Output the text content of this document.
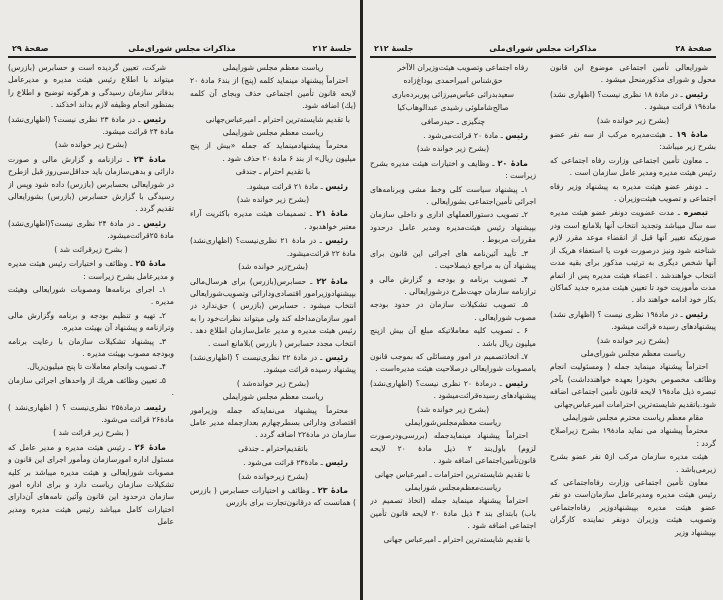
صفحهٔ ۲۸
مذاکرات مجلس شورای‌ملی
جلسهٔ ۲۱۲

شورایعالی تأمین اجتماعی موضوع این قانون محول و شورای مذکورمنحل میشود .

رئیس ـ در مادهٔ ۱۸ نظری نیست؟ (اظهاری نشد) مادهٔ۱۹ قرائت میشود .

(بشرح زیر خوانده شد)

مادهٔ ۱۹ ـ هیئت‌مدیره مرکب از سه نفر عضو بشرح زیر میباشد:

ـ معاون تأمین اجتماعی وزارت رفاه اجتماعی که رئیس هیئت مدیره ومدیر عامل سازمان است .

ـ دونفر عضو هیئت مدیره به پیشنهاد وزیر رفاه اجتماعی و تصویب هیئت‌وزیران .

تبصره ـ مدت عضویت دونفر عضو هیئت مدیره سه سال میباشد وتجدید انتخاب آنها بلامانع است ودر صورتیکه تغییر آنها قبل از انقضاء موعد مقرر لازم شناخته شود ونیز درصورت فوت یا استعفاء هریک از آنها شخص دیگری به ترتیب مذکور برای بقیه مدت انتخاب خواهندشد . اعضاء هیئت مدیره پس از اتمام مدت مأموریت خود تا تعیین هیئت مدیره جدید کماکان بکار خود ادامه خواهند داد .

رئیس ـ در مادهٔ۱۹ نظری نیست ؟ (اظهاری نشد) پیشنهادهای رسیده قرائت میشود.

(بشرح زیر خوانده شد)

ریاست معظم مجلس شورای‌ملی

احتراماً پیشنهاد مینماید جمله ( ومسئولیت انجام وظائف مخصوص بخودرا بعهده خواهندداشت) بآخر تبصره ذیل مادهٔ۱۹ لایحه قانون تأمین اجتماعی اضافه شود.باتقدیم شایسته‌ترین احترامات امیرعباس‌جهانی

مقام معظم ریاست محترم مجلس شورایملی

محترماً پیشنهاد می نماید مادهٔ۱۹ بشرح زیراصلاح گردد :

هیئت مدیره سازمان مرکب از۵ نفر عضو بشرح زیرمی‌باشد .

معاون تأمین اجتماعی وزارت رفاه‌اجتماعی که رئیس هیئت مدیره ومدیرعامل سازمان‌است دو نفر عضو هیئت مدیره بپیشنهادوزیر رفاه‌اجتماعی وتصویب هیئت وزیران دونفر نماینده کارگران بپیشنهاد وزیر

رفاه اجتماعی وتصویب هیئت‌وزیران الاآخر

حق‌شناس امیراحمدی بوداغ‌زاده

سعیدبدرائی عباس‌میرزائی پوربرده‌باری

صالح‌شاملوئی رشیدی عبدالوهاب‌کیا

چنگیزی ـ حیدرصافی

رئیس ـ مادهٔ ۲۰ قرائت‌می‌شود .

(بشرح زیر خوانده شد)

مادهٔ ۲۰ ـ وظایف و اختیارات هیئت مدیره بشرح زیراست :

۱ـ پیشنهاد سیاست کلی وخط مشی وبرنامه‌های اجرائی تأمین‌اجتماعی بشورایعالی .

۲ـ تصویب دستورالعملهای اداری و داخلی سازمان بپیشنهاد رئیس هیئت‌مدیره ومدیر عامل درحدود مقررات مربوط .

۳ـ تأیید آئین‌نامه های اجرائی این قانون برای پیشنهاد آن به مراجع ذیصلاحیت .

۴ـ تصویب برنامه و بودجه و گزارش مالی و ترازنامه سازمان جهت‌طرح درشورایعالی .

۵ـ تصویب تشکیلات سازمان در حدود بودجه مصوب شورایعالی .

۶ ـ تصویب کلیه معاملاتیکه مبلغ آن بیش ازپنج میلیون ریال باشد .

۷ـ اتخاذتصمیم در امور ومسائلی که بموجب قانون یامصوبات شورایعالی درصلاحیت هیئت مدیره‌است .

رئیس ـ درمادهٔ ۲۰ نظری نیست؟ (اظهاری‌نشد) پیشنهادهای رسیده‌قرائت‌میشود .

(بشرح زیر خوانده شد)

ریاست معظم‌مجلس‌شورایملی

احتراماً پیشنهاد مینمایدجمله (بررسی‌ودرصورت لزوم) باول‌بند ۲ ذیل مادهٔ ۲۰ لایحه قانون‌تأمین‌اجتماعی اضافه شود .

با تقدیم شایسته‌ترین احترامات ـ امیرعباس جهانی

ریاست‌معظم‌مجلس شورایملی

احتراماً پیشنهاد مینماید جمله (اتخاذ تصمیم در باب) بابتدای بند ۴ ذیل مادهٔ ۲۰ لایحه قانون تأمین اجتماعی اضافه شود .

با تقدیم شایسته‌ترین احترام ـ امیرعباس جهانی

صفحهٔ ۲۹	مذاکرات مجلس شورای‌ملی	جلسهٔ ۲۱۲

ریاست معظم مجلس شورایملی

احتراماً پیشنهاد مینماید کلمه (پنج) از بند۶ مادهٔ ۲۰ لایحه قانون تأمین اجتماعی حذف وبجای آن کلمه (یك) اضافه شود.

با تقدیم شایسته‌ترین احترام ـ امیرعباس‌جهانی

ریاست معظم مجلس شورایملی

محترماً پیشنهادمینماید که جمله «بیش از پنج میلیون ریال» از بند ۶ مادهٔ ۲۰ حذف شود .

با تقدیم احترام ـ جندقی

رئیس ـ مادهٔ ۲۱ قرائت میشود.

(بشرح زیر خوانده شد)

مادهٔ ۲۱ ـ تصمیمات هیئت مدیره باکثریت آراء معتبر خواهدبود .

رئیس ـ در مادهٔ ۲۱ نظری‌نیست؟ (اظهاری‌نشد) مادهٔ ۲۲ قرائت‌میشود.

(بشرح‌زیر خوانده شد)

مادهٔ ۲۲ ـ حسابرس(بازرس) برای هرسال‌مالی بپیشنهادوزیرامور اقتصادی‌ودارائی وتصویب‌شورایعالی انتخاب میشود . حسابرس (بازرس ) حق‌ندارد در امور سازمان‌مداخله کند ولی میتواند نظرات‌خود را به رئیس هیئت مدیره و مدیر عامل‌سازمان اطلاع دهد . انتخاب مجدد حسابرس ( بازرس )بلامانع است .

رئیس ـ در مادهٔ ۲۲ نظری‌نیست ؟ (اظهاری‌نشد) پیشنهاد رسیده قرائت میشود.

(بشرح زیر خوانده‌شد )

ریاست معظم مجلس شورایملی

محترماً پیشنهاد می‌نمایدکه جمله وزیرامور اقتصادی ودارائی بسطرچهارم بعدازجمله مدیر عامل سازمان در مادهٔ۲۲ اضافه گردد .

باتقدیم‌احترام ـ جندقی

رئیس ـ مادهٔ۲۳ قرائت می‌شود .

(بشرح زیرخوانده شد)

مادهٔ ۲۳ ـ وظائف و اختیارات حسابرس ( بازرس ) همانست که درقانون‌تجارت برای بازرس

شرکت، تعیین گردیده است و حسابرس (بازرس) میتواند با اطلاع رئیس هیئت مدیره و مدیرعامل بدفاتر سازمان رسیدگی و هرگونه توضیح و اطلاع را بمنظور انجام وظیفه لازم بداند اخذکند .

رئیس ـ در مادهٔ ۲۳ نظری نیست؟ (اظهاری‌نشد) مادهٔ ۲۴ قرائت میشود.

(بشرح زیر خوانده شد)

مادهٔ ۲۴ ـ ترازنامه و گزارش مالی و صورت دارائی و بدهی‌سازمان باید حداقل‌سی‌روز قبل ازطرح در شورایعالی بحسابرس (بازرس) داده شود وپس از رسیدگی با گزارش حسابرس (بازرس) بشورایعالی تقدیم گردد .

رئیس ـ در مادهٔ ۲۴ نظری نیست؟(اظهاری‌نشد) مادهٔ ۲۵قرائت‌میشود.

( بشرح زیرقرائت شد )

مادهٔ ۲۵ ـ وظائف و اختیارات رئیس هیئت مدیره و مدیرعامل بشرح زیراست :

۱ـ اجرای برنامه‌ها ومصوبات شورایعالی وهیئت مدیره .

۲ـ تهیه و تنظیم بودجه و برنامه وگزارش مالی وترازنامه و پیشنهاد آن بهیئت مدیره.

۳ـ پیشنهاد تشکیلات سازمان با رعایت برنامه وبودجه مصوب بهیئت مدیره .

۴ـ تصویب وانجام معاملات تا پنج میلیون‌ریال.

۵ـ تعیین وظائف هریك از واحدهای اجرائی سازمان .

رئیسـ درمادهٔ۲۵ نظری‌نیست ؟ ( اظهاری‌نشد ) مادهٔ۲۶ قرائت می‌شود.

( بشرح زیر قرائت شد )

مادهٔ ۲۶ ـ رئیس هیئت مدیره و مدیر عامل که مسئول اداره امورسازمان ومأمور اجرای این قانون و مصوبات شورایعالی و هیئت مدیره میباشد بر کلیه تشکیلات سازمان ریاست دارد و برای اداره امور سازمان درحدود این قانون وآئین نامه‌های آن‌دارای اختیارات کامل میباشد رئیس هیئت مدیره ومدیر عامل
